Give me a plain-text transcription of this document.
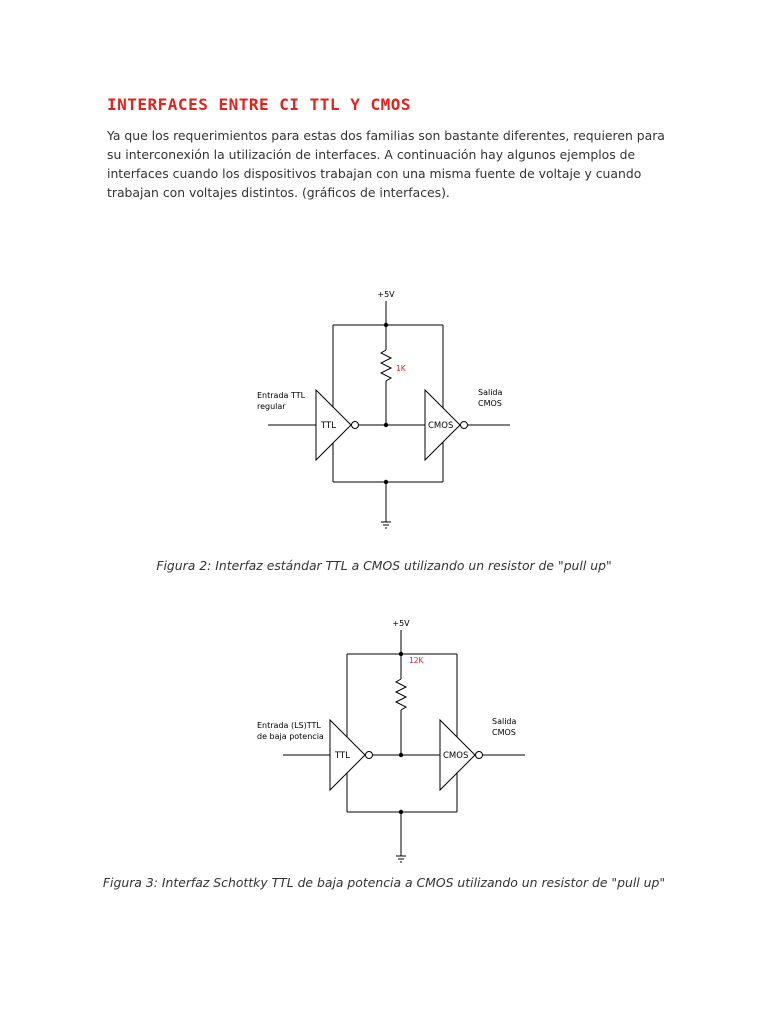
INTERFACES ENTRE CI TTL Y CMOS

Ya que los requerimientos para estas dos familias son bastante diferentes, requieren para su interconexión la utilización de interfaces. A continuación hay algunos ejemplos de interfaces cuando los dispositivos trabajan con una misma fuente de voltaje y cuando trabajan con voltajes distintos. (gráficos de interfaces).

+5V
1K
Entrada TTL
regular
TTL	CMOS
Salida
CMOS
+5V
12K
Entrada (LS)TTL
de baja potencia
TTL	CMOS
Salida
CMOS

Figura 2: Interfaz estándar TTL a CMOS utilizando un resistor de "pull up"

Figura 3: Interfaz Schottky TTL de baja potencia a CMOS utilizando un resistor de "pull up"
